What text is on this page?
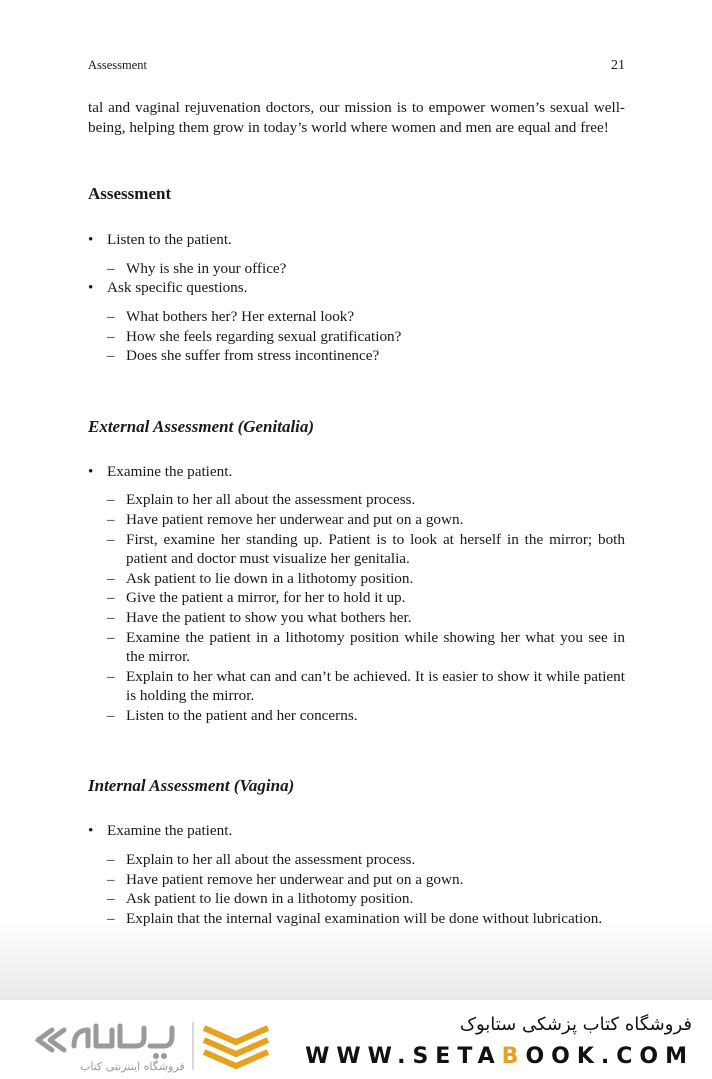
Assessment	21

tal and vaginal rejuvenation doctors, our mission is to empower women’s sexual well-being, helping them grow in today’s world where women and men are equal and free!

Assessment
• Listen to the patient.
– Why is she in your office?
• Ask specific questions.
– What bothers her? Her external look?
– How she feels regarding sexual gratification?
– Does she suffer from stress incontinence?
External Assessment (Genitalia)
• Examine the patient.
– Explain to her all about the assessment process.
– Have patient remove her underwear and put on a gown.
– First, examine her standing up. Patient is to look at herself in the mirror; both patient and doctor must visualize her genitalia.
– Ask patient to lie down in a lithotomy position.
– Give the patient a mirror, for her to hold it up.
– Have the patient to show you what bothers her.
– Examine the patient in a lithotomy position while showing her what you see in the mirror.
– Explain to her what can and can’t be achieved. It is easier to show it while patient is holding the mirror.
– Listen to the patient and her concerns.
Internal Assessment (Vagina)
• Examine the patient.
– Explain to her all about the assessment process.
– Have patient remove her underwear and put on a gown.
– Ask patient to lie down in a lithotomy position.
– Explain that the internal vaginal examination will be done without lubrication.
فروشگاه اینترنتی کتاب
فروشگاه کتاب پزشکی ستابوک
WWW.SETABOOK.COM
